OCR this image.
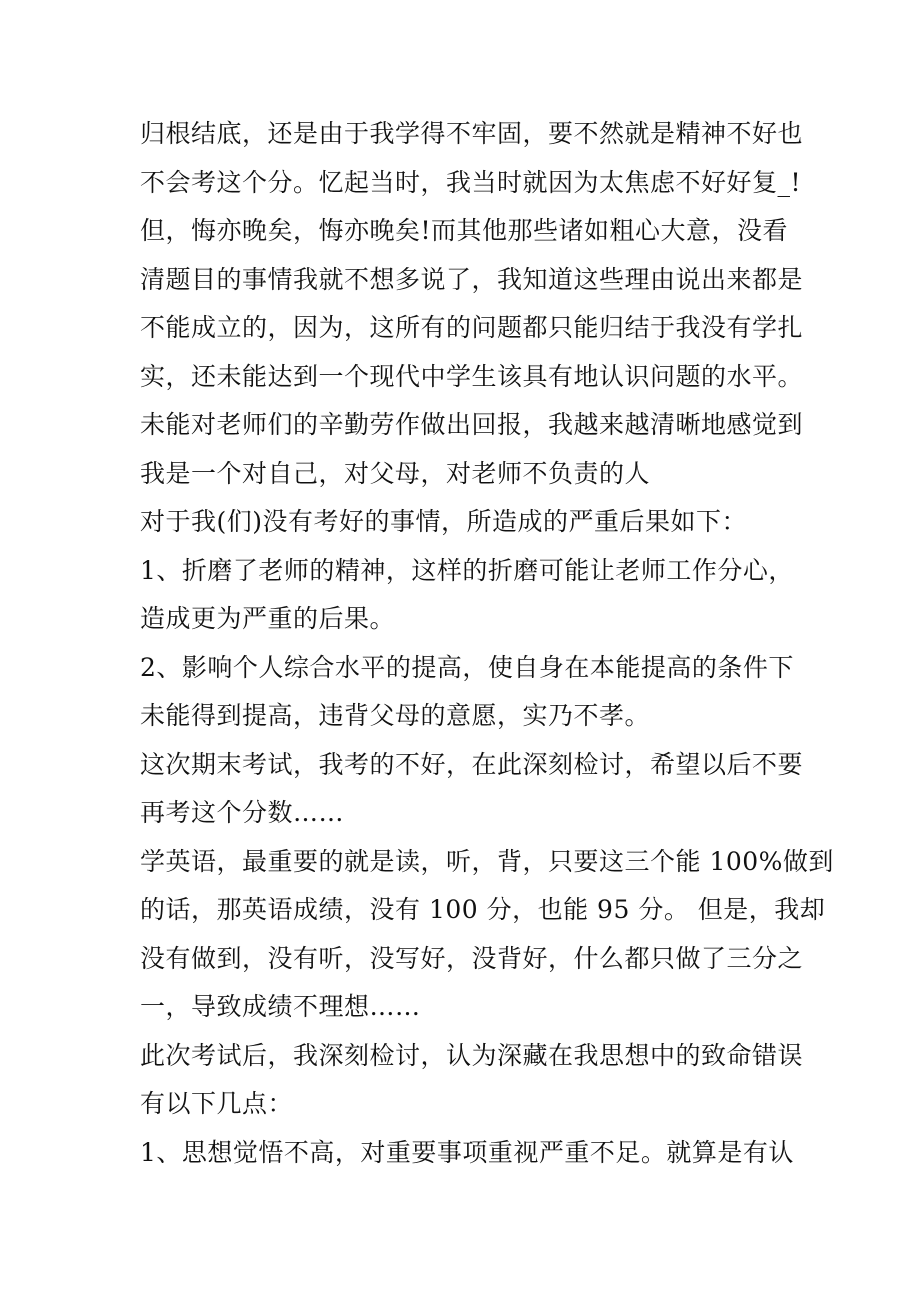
归根结底，还是由于我学得不牢固，要不然就是精神不好也
不会考这个分。忆起当时，我当时就因为太焦虑不好好复_!
但，悔亦晚矣，悔亦晚矣!而其他那些诸如粗心大意，没看
清题目的事情我就不想多说了，我知道这些理由说出来都是
不能成立的，因为，这所有的问题都只能归结于我没有学扎
实，还未能达到一个现代中学生该具有地认识问题的水平。
未能对老师们的辛勤劳作做出回报，我越来越清晰地感觉到
我是一个对自己，对父母，对老师不负责的人
对于我(们)没有考好的事情，所造成的严重后果如下：
1、折磨了老师的精神，这样的折磨可能让老师工作分心，
造成更为严重的后果。
2、影响个人综合水平的提高，使自身在本能提高的条件下
未能得到提高，违背父母的意愿，实乃不孝。
这次期末考试，我考的不好，在此深刻检讨，希望以后不要
再考这个分数……
学英语，最重要的就是读，听，背，只要这三个能 100%做到
的话，那英语成绩，没有 100 分，也能 95 分。 但是，我却
没有做到，没有听，没写好，没背好，什么都只做了三分之
一，导致成绩不理想……
此次考试后，我深刻检讨，认为深藏在我思想中的致命错误
有以下几点：
1、思想觉悟不高，对重要事项重视严重不足。就算是有认
